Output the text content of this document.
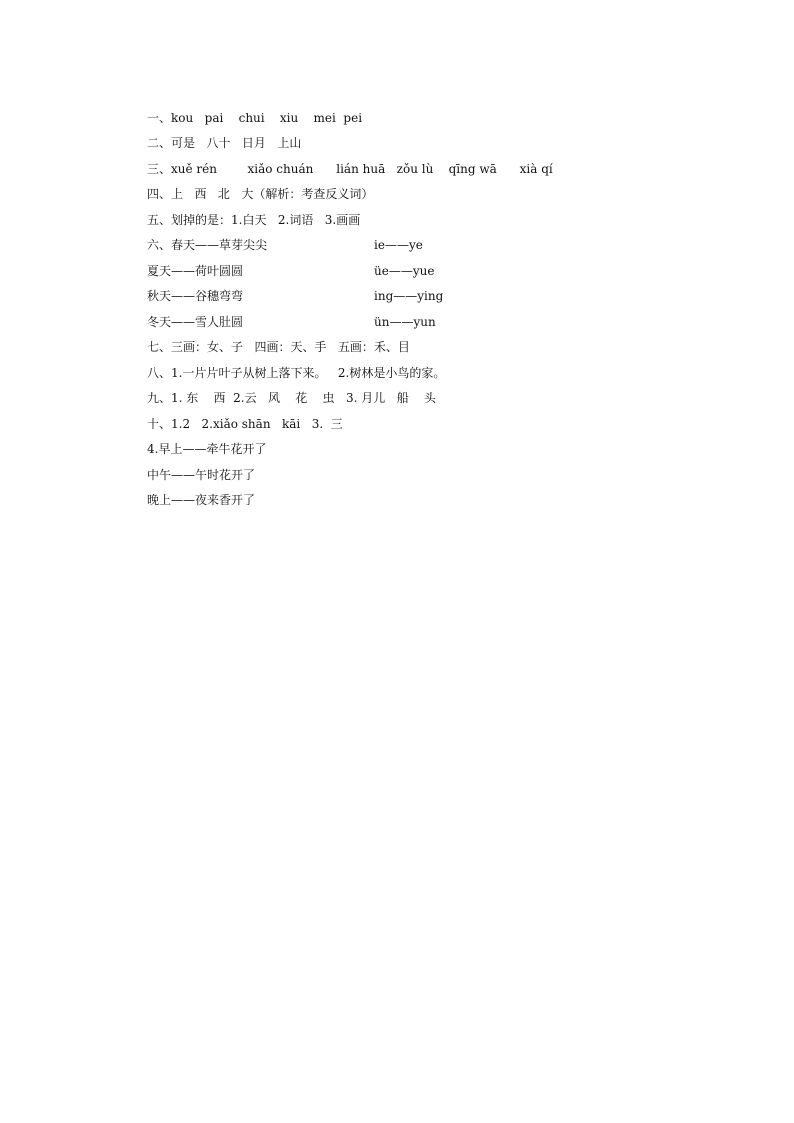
一、kou   pai    chui    xiu    mei  pei
二、可是   八十   日月   上山
三、xuě rén        xiǎo chuán      lián huā   zǒu lù    qīng wā      xià qí
四、上   西   北   大（解析：考查反义词）
五、划掉的是：1.白天   2.词语   3.画画
六、春天——草芽尖尖	ie——ye
夏天——荷叶圆圆	üe——yue
秋天——谷穗弯弯	ing——ying
冬天——雪人肚圆	ün——yun
七、三画：女、子   四画：天、手   五画：禾、目
八、1.一片片叶子从树上落下来。   2.树林是小鸟的家。
九、1. 东    西  2.云   风    花    虫   3. 月儿   船    头
十、1.2   2.xiǎo shān   kāi   3.  三
4.早上——牵牛花开了
中午——午时花开了
晚上——夜来香开了
